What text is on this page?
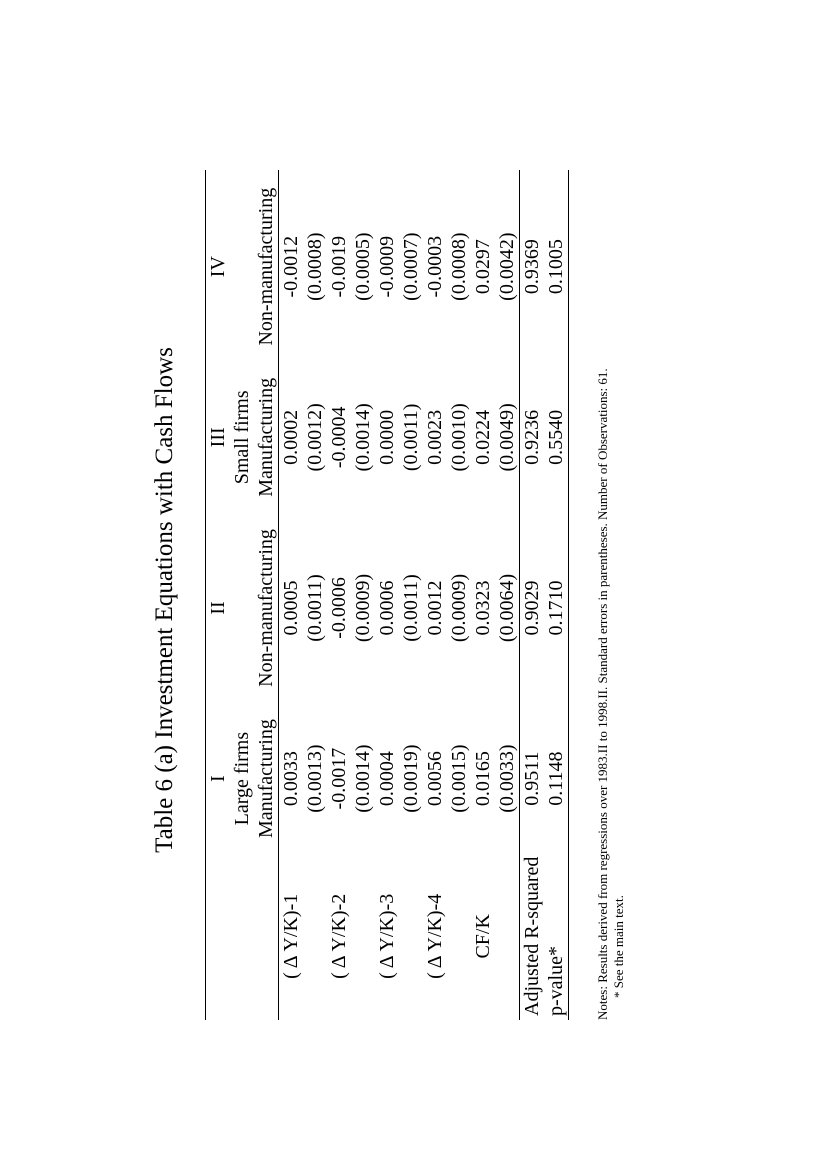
Table 6 (a) Investment Equations with Cash Flows
	I	II	III	IV
	Large firms		Small firms	
	Manufacturing	Non-manufacturing	Manufacturing	Non-manufacturing
( Δ Y/K)-1	0.0033	0.0005	0.0002	-0.0012
	(0.0013)	(0.0011)	(0.0012)	(0.0008)
( Δ Y/K)-2	-0.0017	-0.0006	-0.0004	-0.0019
	(0.0014)	(0.0009)	(0.0014)	(0.0005)
( Δ Y/K)-3	0.0004	0.0006	0.0000	-0.0009
	(0.0019)	(0.0011)	(0.0011)	(0.0007)
( Δ Y/K)-4	0.0056	0.0012	0.0023	-0.0003
	(0.0015)	(0.0009)	(0.0010)	(0.0008)
CF/K	0.0165	0.0323	0.0224	0.0297
	(0.0033)	(0.0064)	(0.0049)	(0.0042)
Adjusted R-squared	0.9511	0.9029	0.9236	0.9369
p-value*	0.1148	0.1710	0.5540	0.1005
Notes: Results derived from regressions over 1983.II to 1998.II. Standard errors in parentheses. Number of Observations: 61. * See the main text.
